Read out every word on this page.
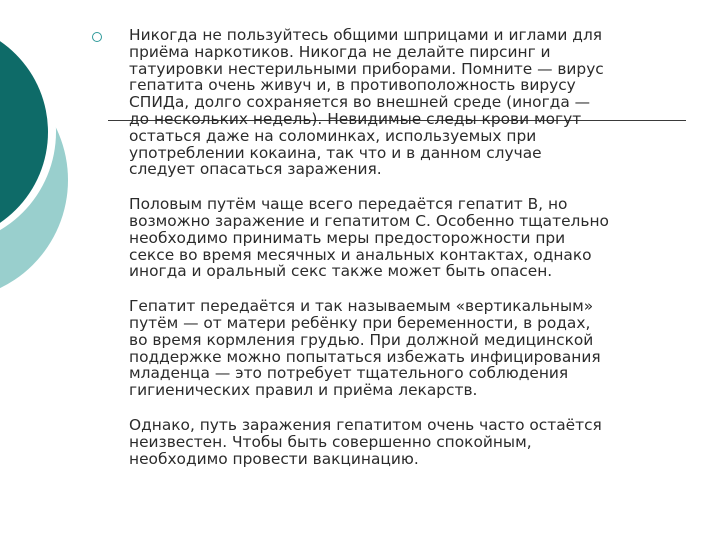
Никогда не пользуйтесь общими шприцами и иглами для
приёма наркотиков. Никогда не делайте пирсинг и
татуировки нестерильными приборами. Помните — вирус
гепатита очень живуч и, в противоположность вирусу
СПИДа, долго сохраняется во внешней среде (иногда —
до нескольких недель). Невидимые следы крови могут
остаться даже на соломинках, используемых при
употреблении кокаина, так что и в данном случае
следует опасаться заражения.
Половым путём чаще всего передаётся гепатит В, но
возможно заражение и гепатитом С. Особенно тщательно
необходимо принимать меры предосторожности при
сексе во время месячных и анальных контактах, однако
иногда и оральный секс также может быть опасен.
Гепатит передаётся и так называемым «вертикальным»
путём — от матери ребёнку при беременности, в родах,
во время кормления грудью. При должной медицинской
поддержке можно попытаться избежать инфицирования
младенца — это потребует тщательного соблюдения
гигиенических правил и приёма лекарств.
Однако, путь заражения гепатитом очень часто остаётся
неизвестен. Чтобы быть совершенно спокойным,
необходимо провести вакцинацию.
